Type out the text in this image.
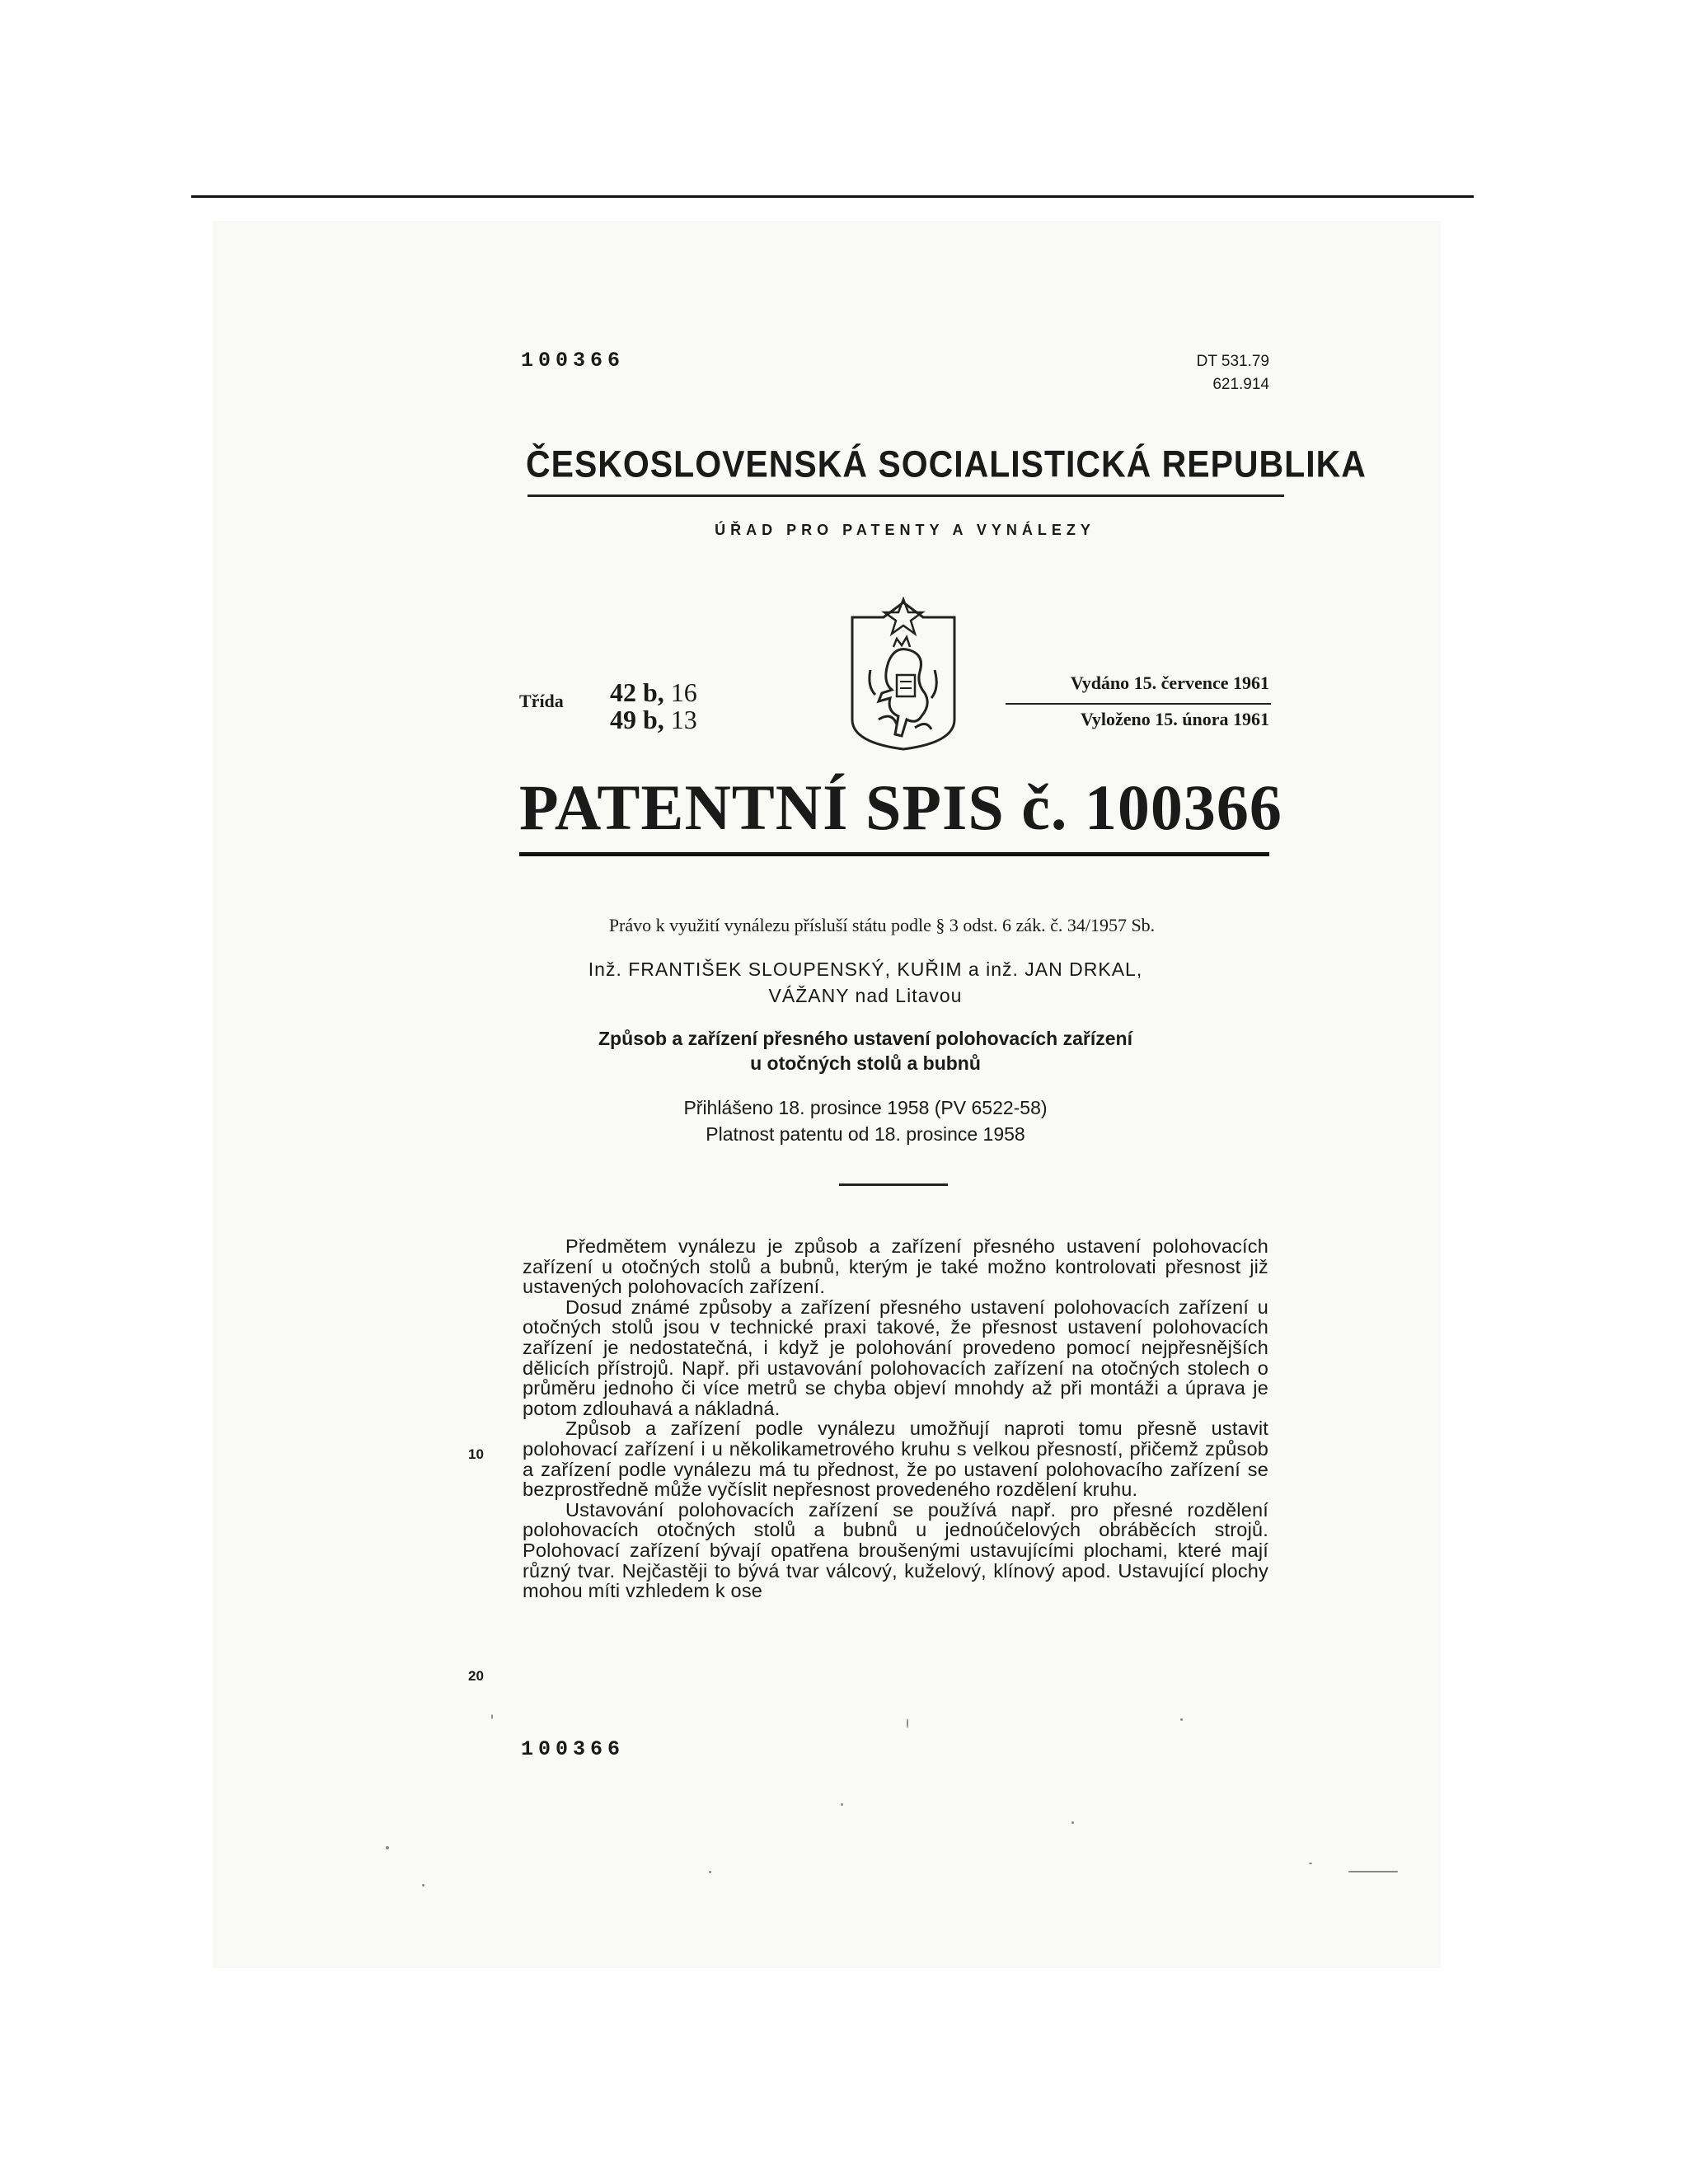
100366	DT 531.79
621.914
ČESKOSLOVENSKÁ SOCIALISTICKÁ REPUBLIKA
ÚŘAD PRO PATENTY A VYNÁLEZY
Třída 42 b, 16
49 b, 13
Vydáno 15. července 1961
Vyloženo 15. února 1961
PATENTNÍ SPIS č. 100366
Právo k využití vynálezu přísluší státu podle § 3 odst. 6 zák. č. 34/1957 Sb.
Inž. FRANTIŠEK SLOUPENSKÝ, KUŘIM a inž. JAN DRKAL,
VÁŽANY nad Litavou
Způsob a zařízení přesného ustavení polohovacích zařízení
u otočných stolů a bubnů
Přihlášeno 18. prosince 1958 (PV 6522-58)
Platnost patentu od 18. prosince 1958

Předmětem vynálezu je způsob a zařízení přesného ustavení polohovacích zařízení u otočných stolů a bubnů, kterým je také možno kontrolovati přesnost již ustavených polohovacích zařízení.

Dosud známé způsoby a zařízení přesného ustavení polohovacích zařízení u otočných stolů jsou v technické praxi takové, že přesnost ustavení polohovacích zařízení je nedostatečná, i když je polohování provedeno pomocí nejpřesnějších dělicích přístrojů. Např. při ustavování polohovacích zařízení na otočných stolech o průměru jednoho či více metrů se chyba objeví mnohdy až při montáži a úprava je potom zdlouhavá a nákladná.

Způsob a zařízení podle vynálezu umožňují naproti tomu přesně ustavit polohovací zařízení i u několikametrového kruhu s velkou přesností, přičemž způsob a zařízení podle vynálezu má tu přednost, že po ustavení polohovacího zařízení se bezprostředně může vyčíslit nepřesnost provedeného rozdělení kruhu.

Ustavování polohovacích zařízení se používá např. pro přesné rozdělení polohovacích otočných stolů a bubnů u jednoúčelových obráběcích strojů. Polohovací zařízení bývají opatřena broušenými ustavujícími plochami, které mají různý tvar. Nejčastěji to bývá tvar válcový, kuželový, klínový apod. Ustavující plochy mohou míti vzhledem k ose

10
20
100366
